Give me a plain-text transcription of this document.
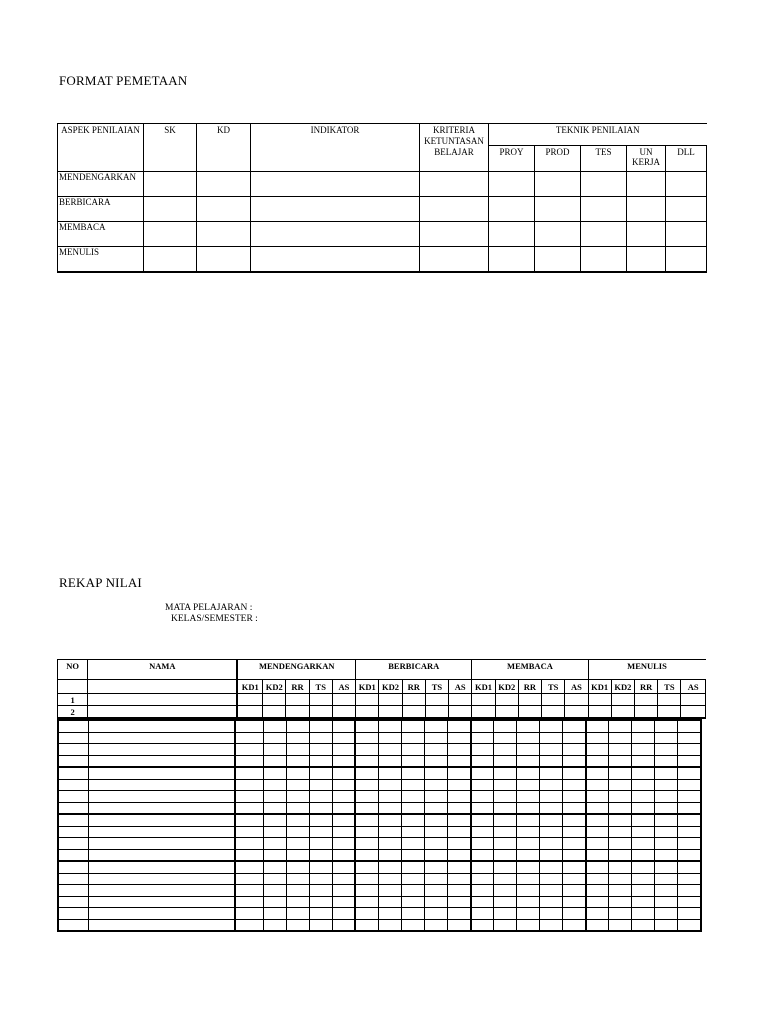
FORMAT PEMETAAN
ASPEK PENILAIAN	SK	KD	INDIKATOR	KRITERIA KETUNTASAN BELAJAR	TEKNIK PENILAIAN				
					PROY	PROD	TES	UN KERJA	DLL
MENDENGARKAN									
BERBICARA									
MEMBACA									
MENULIS									
REKAP NILAI
MATA PELAJARAN :
KELAS/SEMESTER :
NO	NAMA	MENDENGARKAN					BERBICARA					MEMBACA					MENULIS				
		KD1	KD2	RR	TS	AS	KD1	KD2	RR	TS	AS	KD1	KD2	RR	TS	AS	KD1	KD2	RR	TS	AS
1																					
2																					
